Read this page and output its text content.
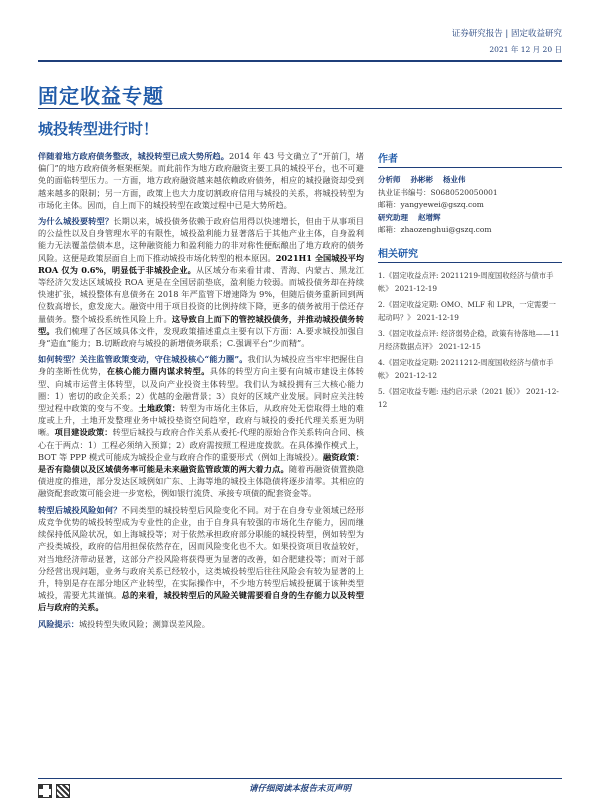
证券研究报告 | 固定收益研究
2021 年 12 月 20 日
固定收益专题
城投转型进行时！

伴随着地方政府债务整改，城投转型已成大势所趋。2014 年 43 号文确立了“开前门，堵偏门”的地方政府债务框架框架。而此前作为地方政府融资主要工具的城投平台，也不可避免的面临转型压力。一方面，地方政府融资越来越依赖政府债务，相应的城投融资却受到越来越多的限制；另一方面，政策上也大力度切割政府信用与城投的关系，将城投转型为市场化主体。因而，自上而下的城投转型在政策过程中已是大势所趋。

为什么城投要转型？长期以来，城投债务依赖于政府信用得以快速增长，但由于从事项目的公益性以及自身管理水平的有限性，城投盈利能力显著落后于其他产业主体，自身盈利能力无法覆盖偿债本息，这种融资能力和盈利能力的非对称性便酝酿出了地方政府的债务风险。这便是政策层面自上而下推动城投市场化转型的根本原因。2021H1 全国城投平均 ROA 仅为 0.6%，明显低于非城投企业。从区域分布来看甘肃、青海、内蒙古、黑龙江等经济欠发达区域城投 ROA 更是在全国居前垫底，盈利能力较弱。而城投债务却在持续快速扩张，城投整体有息债务在 2018 年严监管下增速降为 9%，但随后债务重新回到两位数高增长，愈发庞大。融资中用于项目投资的比例持续下降，更多的债务被用于偿还存量债务。整个城投系统性风险上升。这导致自上而下的管控城投债务，并推动城投债务转型。我们梳理了各区域具体文件，发现政策描述重点主要有以下方面：A.要求城投加强自身“造血”能力；B.切断政府与城投的新增债务联系；C.强调平台“少而精”。

如何转型？关注监管政策变动，守住城投核心“能力圈”。我们认为城投应当牢牢把握住自身的垄断性优势，在核心能力圈内谋求转型。具体的转型方向主要有向城市建设主体转型、向城市运营主体转型，以及向产业投资主体转型。我们认为城投拥有三大核心能力圈：1）密切的政企关系；2）优越的金融背景；3）良好的区域产业发展。同时应关注转型过程中政策的变与不变。土地政策：转型为市场化主体后，从政府处无偿取得土地的难度或上升，土地开发整理业务中城投垫资空间趋窄，政府与城投的委托代理关系更为明晰。项目建设政策：转型后城投与政府合作关系从委托-代理的原始合作关系转向合同、核心在于两点：1）工程必须纳入预算；2）政府需按照工程进度拨款。在具体操作模式上，BOT 等 PPP 模式可能成为城投企业与政府合作的重要形式（例如上海城投）。融资政策：是否有隐债以及区域债务率可能是未来融资监管政策的两大着力点。随着再融资债置换隐债进度的推进，部分发达区域例如广东、上海等地的城投主体隐债将逐步清零。其相应的融资配套政策可能会进一步宽松，例如银行流贷、承接专项债的配套资金等。

转型后城投风险如何？不同类型的城投转型后风险变化不同。对于在自身专业领域已经形成竞争优势的城投转型成为专业性的企业，由于自身具有较强的市场化生存能力，因而继续保持低风险状况，如上海城投等；对于依然承担政府部分职能的城投转型，例如转型为产投类城投，政府的信用担保依然存在，因而风险变化也不大。如果投资项目收益较好，对当地经济带动显著，这部分产投风险将获得更为显著的改善，如合肥建投等；而对于部分经营出现问题，业务与政府关系已经较小，这类城投转型后往往风险会有较为显著的上升，特别是存在部分地区产业转型，在实际操作中，不少地方转型后城投便属于该种类型城投，需要尤其谨慎。总的来看，城投转型后的风险关键需要看自身的生存能力以及转型后与政府的关系。

风险提示：城投转型失败风险；测算误差风险。

作者
分析师 孙彬彬 杨业伟
执业证书编号：S0680520050001
邮箱：yangyewei@gszq.com
研究助理 赵增辉
邮箱：zhaozenghui@gszq.com
相关研究
1.《固定收益点评: 20211219-周度国收经济与债市手帐》 2021-12-19
2.《固定收益定期: OMO、MLF 和 LPR，一定需要一起动吗？》 2021-12-19
3.《固定收益点评: 经济弱势企稳，政策有待落地——11 月经济数据点评》 2021-12-15
4.《固定收益定期: 20211212-周度国收经济与债市手帐》 2021-12-12
5.《固定收益专题: 违约启示录（2021 版）》 2021-12-12
请仔细阅读本报告末页声明
